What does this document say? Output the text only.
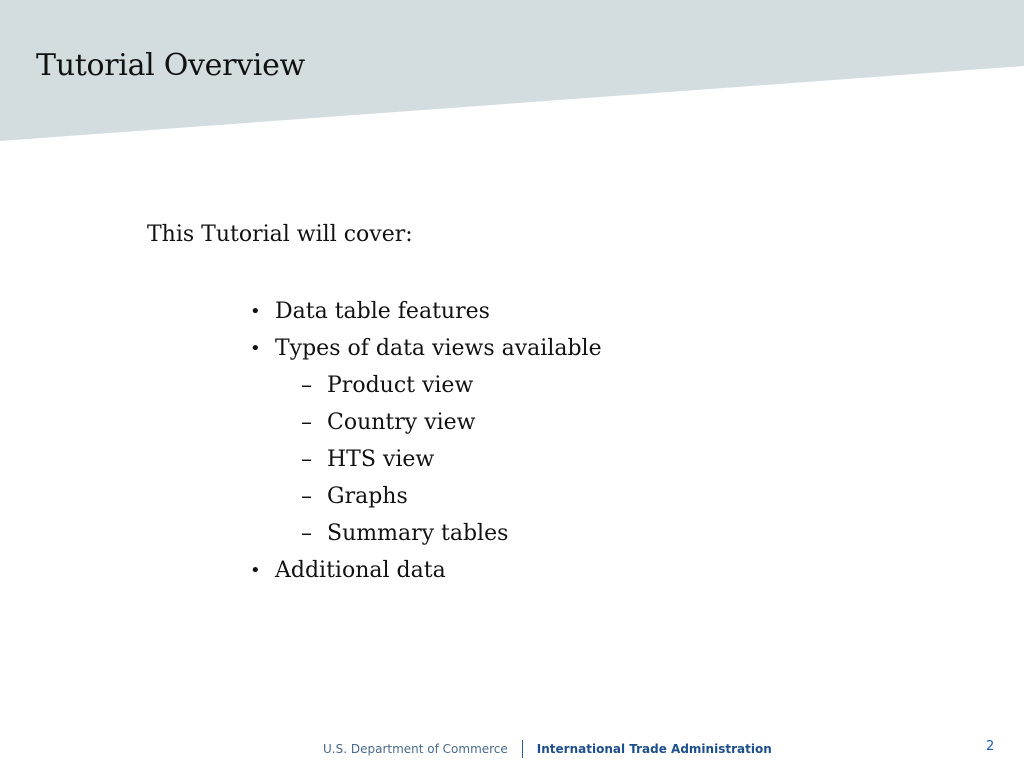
Tutorial Overview

This Tutorial will cover:

• Data table features
• Types of data views available
– Product view
– Country view
– HTS view
– Graphs
– Summary tables
• Additional data
U.S. Department of Commerce International Trade Administration	2
